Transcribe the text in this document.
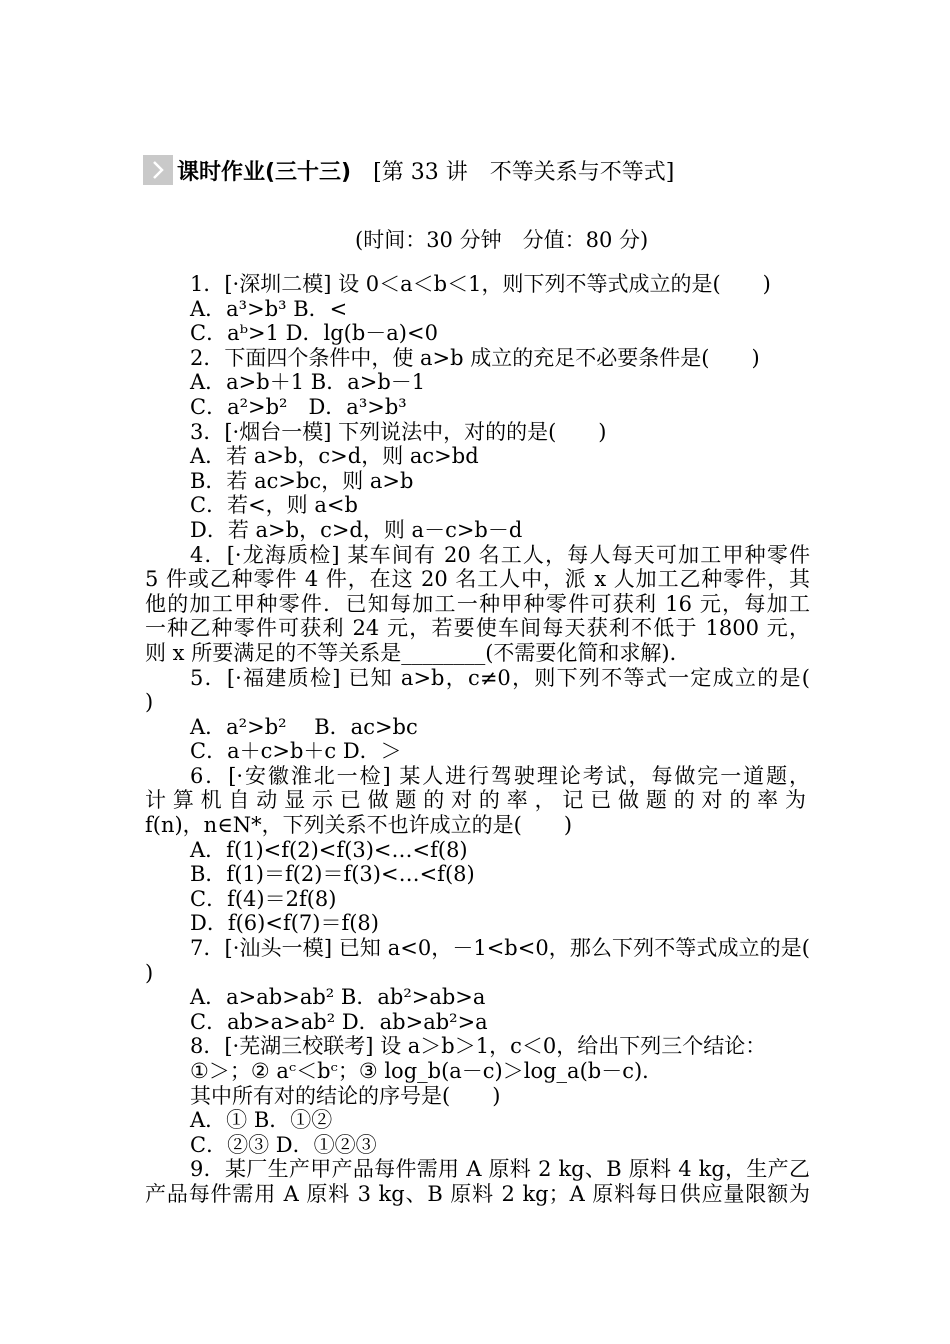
课时作业(三十三) [第 33 讲　不等关系与不等式]
(时间：30 分钟　分值：80 分)
1．[·深圳二模] 设 0＜a＜b＜1，则下列不等式成立的是(　　)
A．a³>b³ B．<
C．aᵇ>1 D．lg(b－a)<0
2．下面四个条件中，使 a>b 成立的充足不必要条件是(　　)
A．a>b＋1 B．a>b－1
C．a²>b²　 D．a³>b³
3．[·烟台一模] 下列说法中，对的的是(　　)
A．若 a>b，c>d，则 ac>bd
B．若 ac>bc，则 a>b
C．若<，则 a<b
D．若 a>b，c>d，则 a－c>b－d
4．[·龙海质检] 某车间有 20 名工人，每人每天可加工甲种零件
5 件或乙种零件 4 件，在这 20 名工人中，派 x 人加工乙种零件，其
他的加工甲种零件．已知每加工一种甲种零件可获利 16 元，每加工
一种乙种零件可获利 24 元，若要使车间每天获利不低于 1800 元，
则 x 所要满足的不等关系是________(不需要化简和求解)．
5．[·福建质检] 已知 a>b，c≠0，则下列不等式一定成立的是(
)
A．a²>b²　 B．ac>bc
C．a＋c>b＋c D．＞
6．[·安徽淮北一检] 某人进行驾驶理论考试，每做完一道题，
计算机自动显示已做题的对的率，记已做题的对的率为
f(n)，n∈N*，下列关系不也许成立的是(　　)
A．f(1)<f(2)<f(3)<…<f(8)
B．f(1)＝f(2)＝f(3)<…<f(8)
C．f(4)＝2f(8)
D．f(6)<f(7)＝f(8)
7．[·汕头一模] 已知 a<0，－1<b<0，那么下列不等式成立的是(
)
A．a>ab>ab² B．ab²>ab>a
C．ab>a>ab² D．ab>ab²>a
8．[·芜湖三校联考] 设 a＞b＞1，c＜0，给出下列三个结论：
①＞；② aᶜ＜bᶜ；③ log_b(a－c)＞log_a(b－c)．
其中所有对的结论的序号是(　　)
A．① B．①②
C．②③ D．①②③
9．某厂生产甲产品每件需用 A 原料 2 kg、B 原料 4 kg，生产乙
产品每件需用 A 原料 3 kg、B 原料 2 kg；A 原料每日供应量限额为
